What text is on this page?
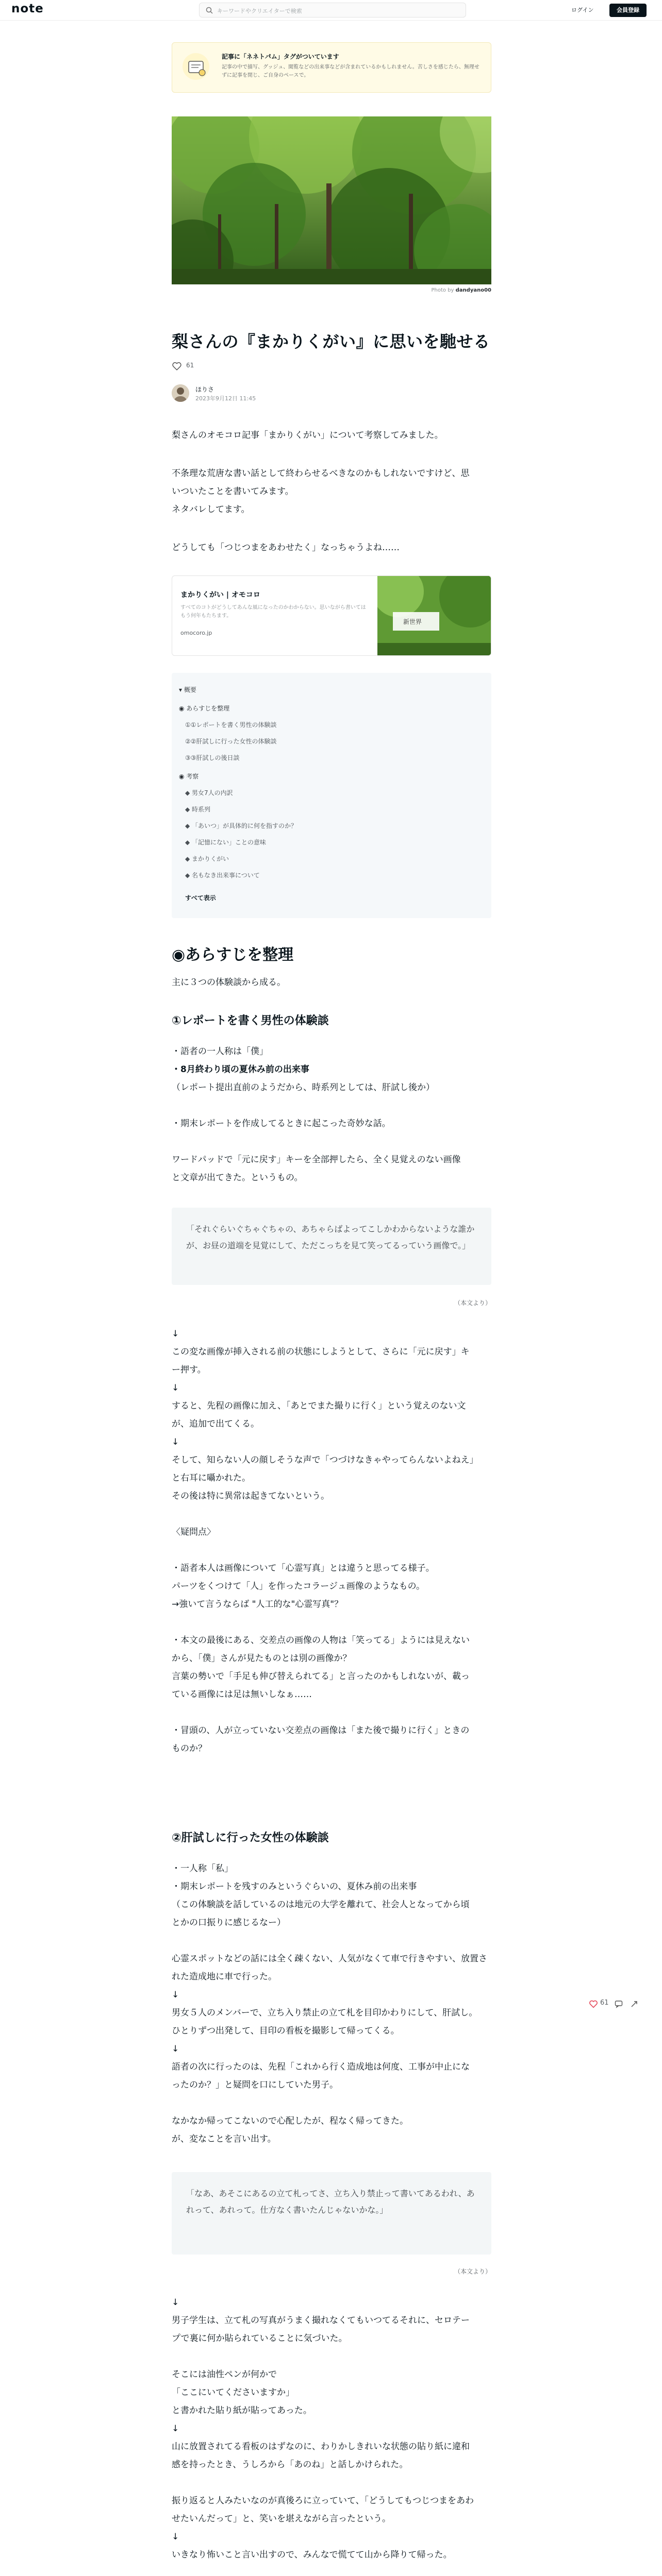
note	キーワードやクリエイターで検索	ログイン	会員登録
記事に「ネネトパム」タグがついています
記事の中で描写、グッジュ、閲覧などの出来事などが含まれているかもしれません。苦しさを感じたら、無理せずに記事を閉じ、ご自身のペースで。
Photo by dandyano00
梨さんの『まかりくがい』に思いを馳せる
61
ほりさ
2023年9月12日 11:45
梨さんのオモコロ記事「まかりくがい」について考察してみました。
不条理な荒唐な書い話として終わらせるべきなのかもしれないですけど、思
いついたことを書いてみます。
ネタバレしてます。
どうしても「つじつまをあわせたく」なっちゃうよね……
まかりくがい | オモコロ
すべてのコトがどうしてあんな風になったのかわからない。思いながら書いてはもう何年もたちます。
omocoro.jp
新世界
▾ 概要
◉ あらすじを整理
①①レポートを書く男性の体験談
②②肝試しに行った女性の体験談
③③肝試しの後日談
◉ 考察
◆ 男女7人の内訳
◆ 時系列
◆ 「あいつ」が具体的に何を指すのか？
◆ 「記憶にない」ことの意味
◆ まかりくがい
◆ 名もなき出来事について
すべて表示
◉あらすじを整理
主に３つの体験談から成る。
①レポートを書く男性の体験談
・語者の一人称は「僕」
・8月終わり頃の夏休み前の出来事
（レポート提出直前のようだから、時系列としては、肝試し後か）
・期末レポートを作成してるときに起こった奇妙な話。
ワードパッドで「元に戻す」キーを全部押したら、全く見覚えのない画像
と文章が出てきた。というもの。
「それぐらいぐちゃぐちゃの、あちゃらばよってこしかわからないような誰かが、お昼の道端を見覚にして、ただこっちを見て笑ってるっていう画像で。」
（本文より）
↓
この変な画像が挿入される前の状態にしようとして、さらに「元に戻す」キ
ー押す。
↓
すると、先程の画像に加え、「あとでまた撮りに行く」という覚えのない文
が、追加で出てくる。
↓
そして、知らない人の顔しそうな声で「つづけなきゃやってらんないよねえ」
と右耳に囁かれた。
その後は特に異常は起きてないという。
〈疑問点〉
・語者本人は画像について「心霊写真」とは違うと思ってる様子。
パーツをくつけて「人」を作ったコラージュ画像のようなもの。
→強いて言うならば "人工的な"心霊写真"？
・本文の最後にある、交差点の画像の人物は「笑ってる」ようには見えない
から、「僕」さんが見たものとは別の画像か？
言葉の勢いで「手足も伸び替えられてる」と言ったのかもしれないが、載っ
ている画像には足は無いしなぁ……
・冒頭の、人が立っていない交差点の画像は「また後で撮りに行く」ときの
ものか？
②肝試しに行った女性の体験談
・一人称「私」
・期末レポートを残すのみというぐらいの、夏休み前の出来事
（この体験談を話しているのは地元の大学を離れて、社会人となってから頃
とかの口振りに感じるなー）
心霊スポットなどの話には全く疎くない、人気がなくて車で行きやすい、放置さ
れた造成地に車で行った。
↓
男女５人のメンバーで、立ち入り禁止の立て札を目印かわりにして、肝試し。
ひとりずつ出発して、目印の看板を撮影して帰ってくる。
↓
語者の次に行ったのは、先程「これから行く造成地は何度、工事が中止にな
ったのか？」と疑問を口にしていた男子。
なかなか帰ってこないので心配したが、程なく帰ってきた。
が、変なことを言い出す。
「なあ、あそこにあるの立て札ってさ、立ち入り禁止って書いてあるわれ、あれって、あれって。仕方なく書いたんじゃないかな。」
（本文より）
↓
男子学生は、立て札の写真がうまく撮れなくてもいつてるそれに、セロテー
プで裏に何か貼られていることに気づいた。
そこには油性ペンが何かで
「ここにいてくださいますか」
と書かれた貼り紙が貼ってあった。
↓
山に放置されてる看板のはずなのに、わりかしきれいな状態の貼り紙に違和
感を持ったとき、うしろから「あのね」と話しかけられた。
振り返ると人みたいなのが真後ろに立っていて、「どうしてもつじつまをあわ
せたいんだって」と、笑いを堪えながら言ったという。
↓
いきなり怖いこと言い出すので、みんなで慌てて山から降りて帰った。
61
